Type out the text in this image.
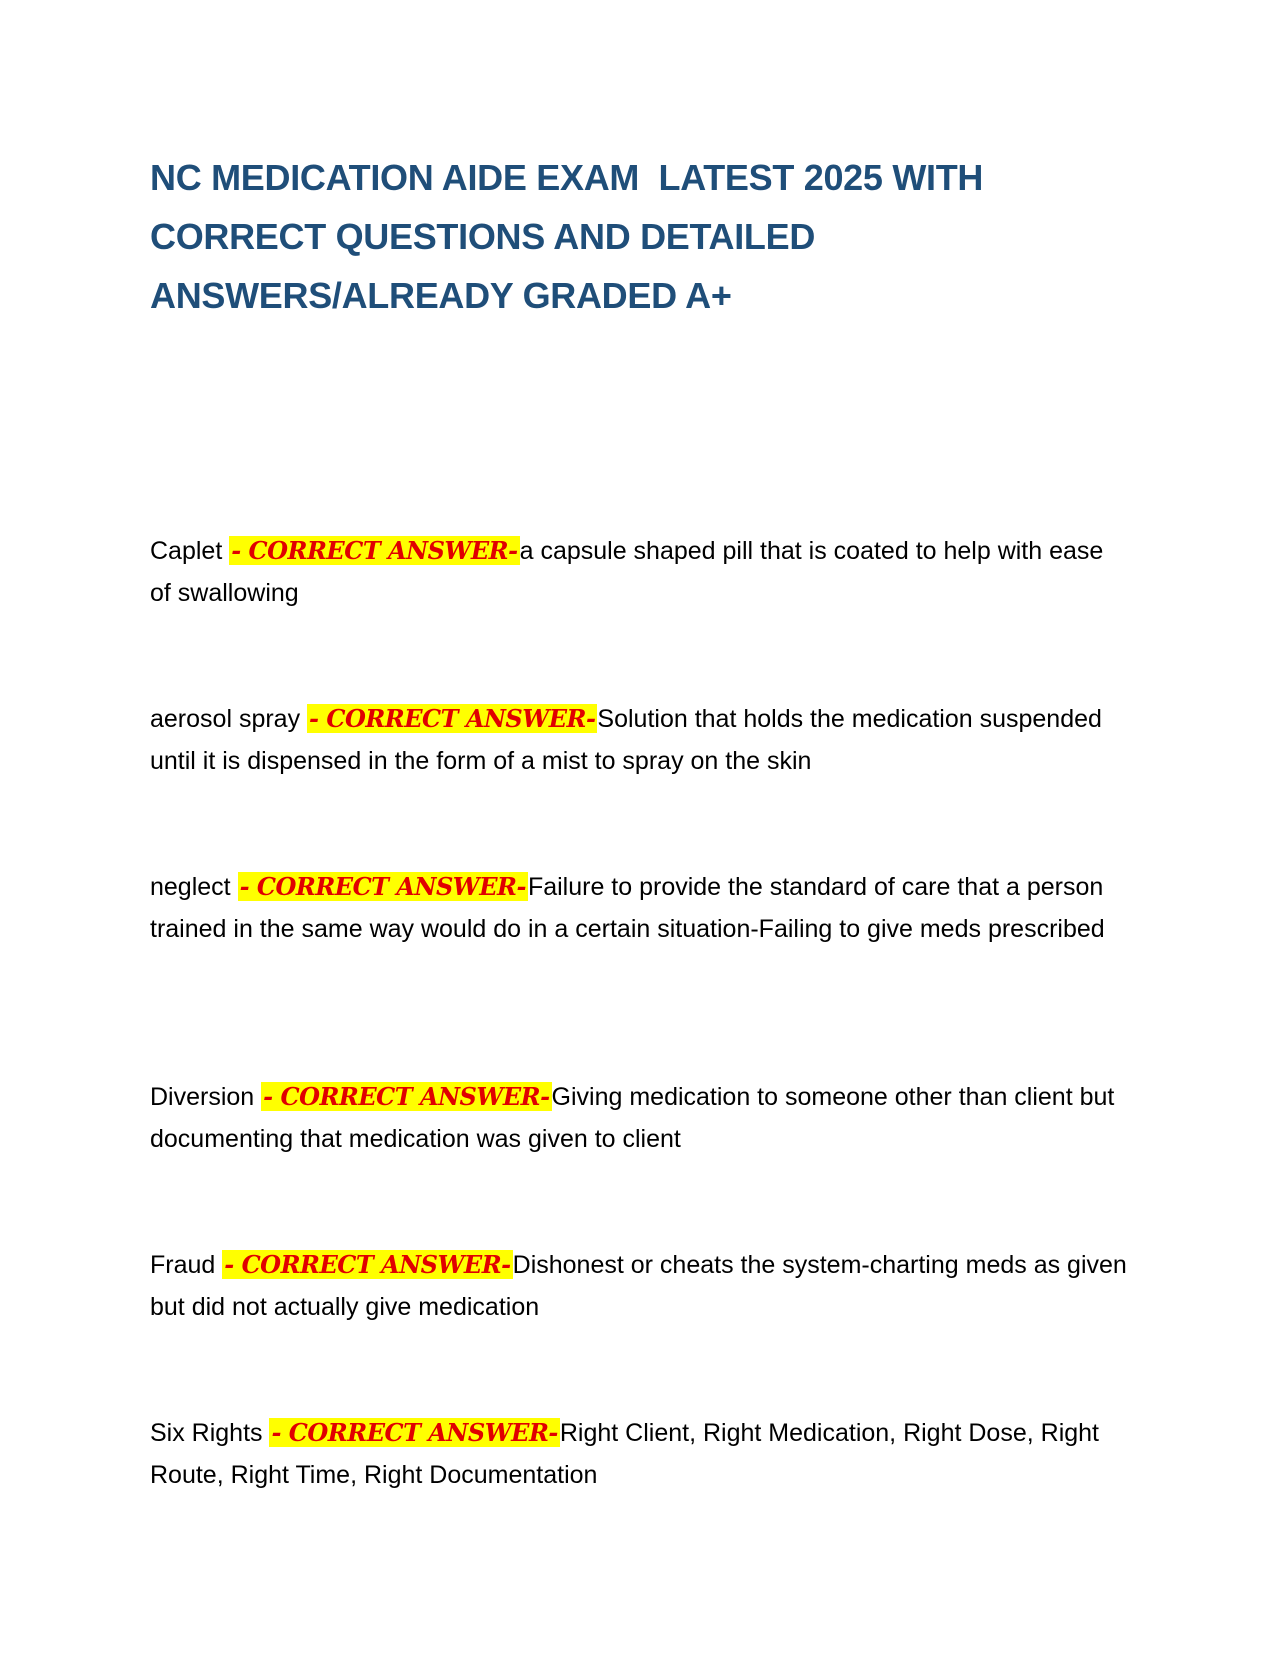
NC MEDICATION AIDE EXAM  LATEST 2025 WITH
CORRECT QUESTIONS AND DETAILED
ANSWERS/ALREADY GRADED A+

Caplet - CORRECT ANSWER-a capsule shaped pill that is coated to help with ease of swallowing

aerosol spray - CORRECT ANSWER-Solution that holds the medication suspended until it is dispensed in the form of a mist to spray on the skin

neglect - CORRECT ANSWER-Failure to provide the standard of care that a person trained in the same way would do in a certain situation-Failing to give meds prescribed

Diversion - CORRECT ANSWER-Giving medication to someone other than client but documenting that medication was given to client

Fraud - CORRECT ANSWER-Dishonest or cheats the system-charting meds as given but did not actually give medication

Six Rights - CORRECT ANSWER-Right Client, Right Medication, Right Dose, Right Route, Right Time, Right Documentation
